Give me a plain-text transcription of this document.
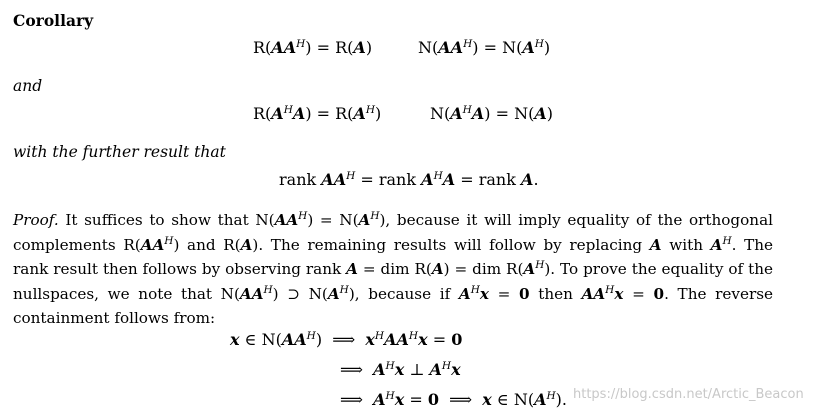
Corollary
$R(AA^H) = R(A)$	$N(AA^H) = N(A^H)$
and
$R(A^HA) = R(A^H)$	$N(A^HA) = N(A)$
with the further result that
rank $AA^H$ = rank $A^HA$ = rank A.
Proof. It suffices to show that $N(AA^H) = N(A^H)$, because it will imply equality of the orthogonal complements $R(AA^H)$ and R(A). The remaining results will follow by replacing A with $A^H$. The rank result then follows by observing rank A = dim R(A) = dim $R(A^H)$. To prove the equality of the nullspaces, we note that $N(AA^H)$ ⊃ $N(A^H)$, because if $A^Hx = 0$ then $AA^Hx = 0$. The reverse containment follows from:
x ∈ $N(AA^H)$  ⟹  $x^HAA^Hx = 0$
⟹  $A^Hx$ ⊥ $A^Hx$
⟹  $A^Hx = 0$  ⟹  x ∈ $N(A^H)$. https://blog.csdn.net/Arctic_Beacon
